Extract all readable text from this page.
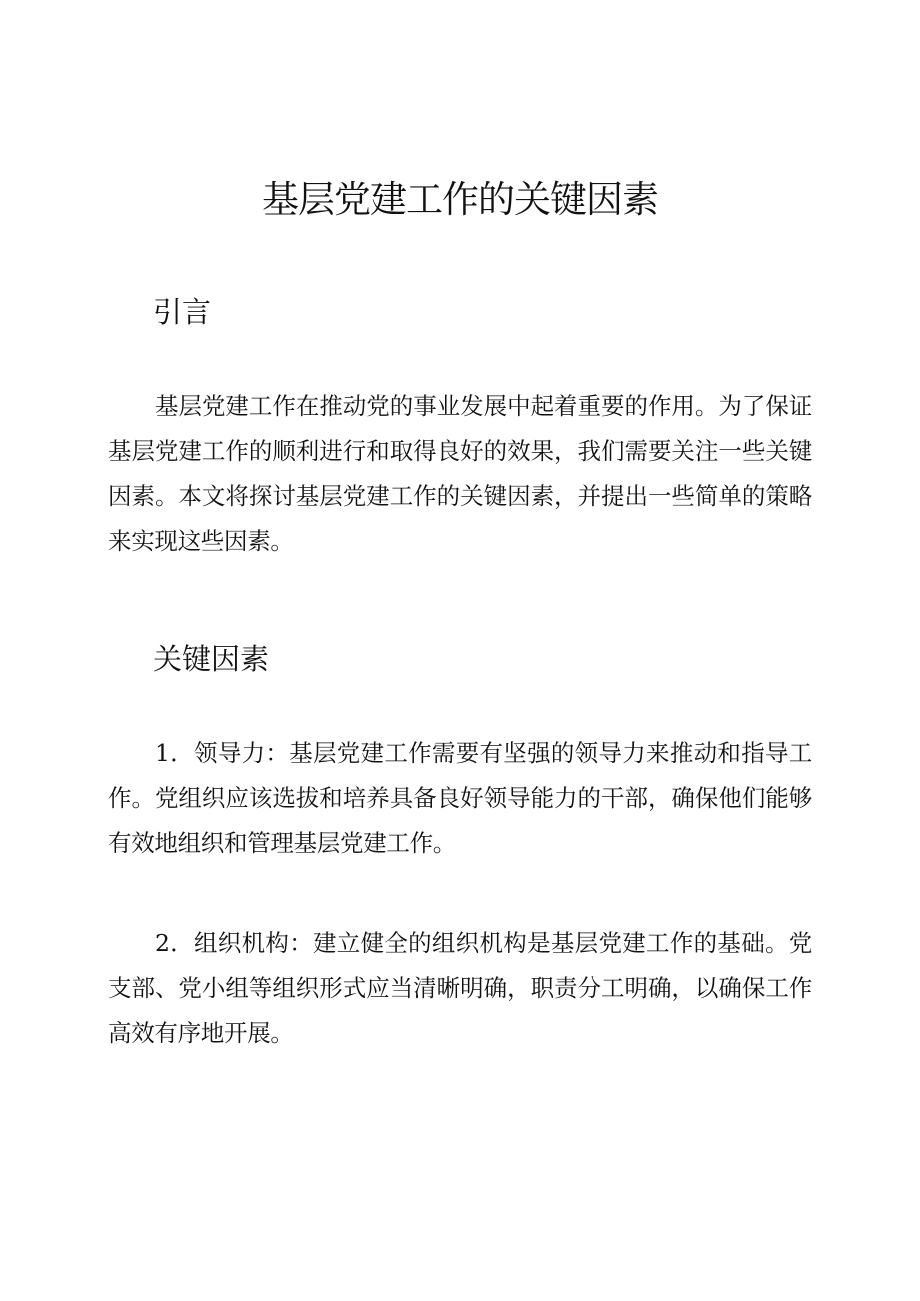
基层党建工作的关键因素
引言

基层党建工作在推动党的事业发展中起着重要的作用。为了保证基层党建工作的顺利进行和取得良好的效果，我们需要关注一些关键因素。本文将探讨基层党建工作的关键因素，并提出一些简单的策略来实现这些因素。

关键因素

1．领导力：基层党建工作需要有坚强的领导力来推动和指导工作。党组织应该选拔和培养具备良好领导能力的干部，确保他们能够有效地组织和管理基层党建工作。

2．组织机构：建立健全的组织机构是基层党建工作的基础。党支部、党小组等组织形式应当清晰明确，职责分工明确，以确保工作高效有序地开展。
